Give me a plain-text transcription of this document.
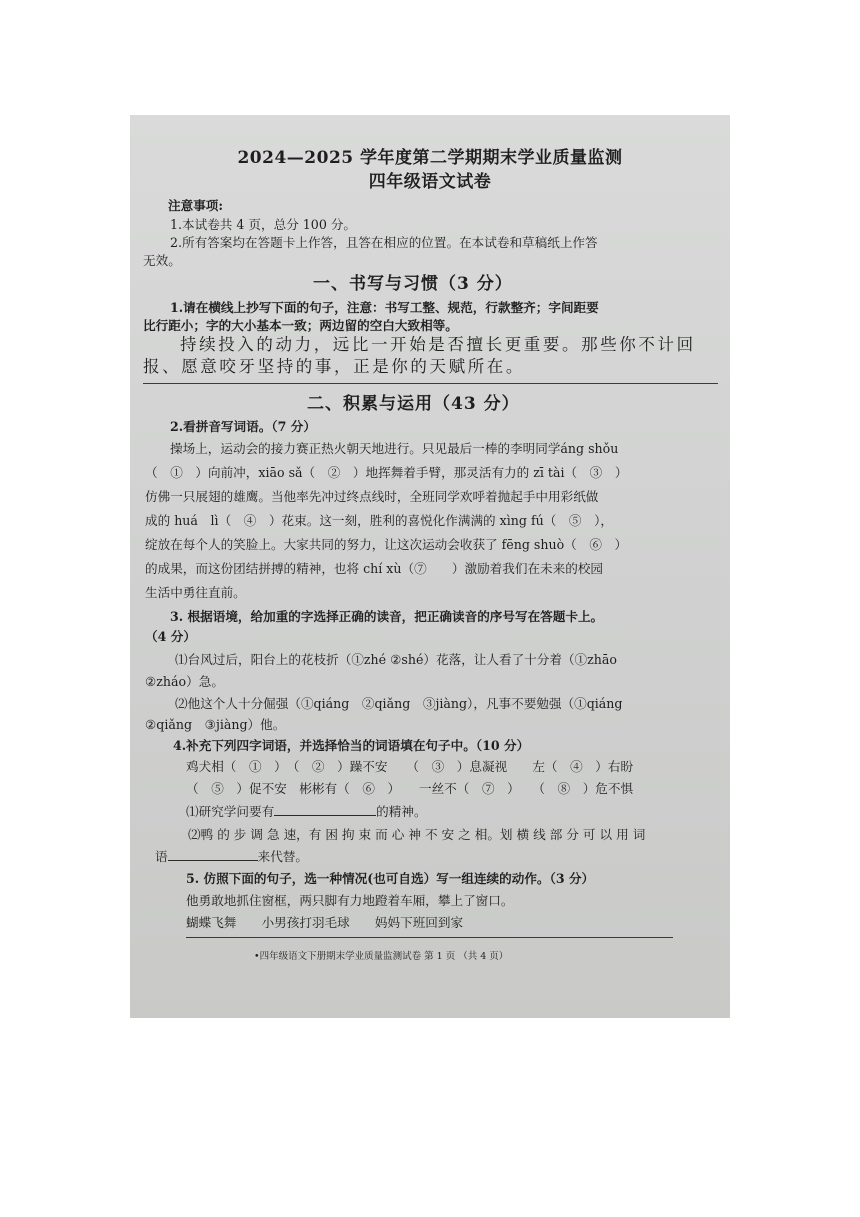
2024—2025 学年度第二学期期末学业质量监测
四年级语文试卷
注意事项:
1.本试卷共 4 页，总分 100 分。
2.所有答案均在答题卡上作答，且答在相应的位置。在本试卷和草稿纸上作答
无效。
一、书写与习惯（3 分）
1.请在横线上抄写下面的句子，注意：书写工整、规范，行款整齐；字间距要
比行距小；字的大小基本一致；两边留的空白大致相等。
持续投入的动力，远比一开始是否擅长更重要。那些你不计回
报、愿意咬牙坚持的事，正是你的天赋所在。
二、积累与运用（43 分）
2.看拼音写词语。（7 分）
操场上，运动会的接力赛正热火朝天地进行。只见最后一棒的李明同学áng shǒu
（　①　）向前冲，xiāo sǎ（　②　）地挥舞着手臂，那灵活有力的 zī tài（　③　）
仿佛一只展翅的雄鹰。当他率先冲过终点线时，全班同学欢呼着抛起手中用彩纸做
成的 huá　lì（　④　）花束。这一刻，胜利的喜悦化作满满的 xìng fú（　⑤　），
绽放在每个人的笑脸上。大家共同的努力，让这次运动会收获了 fēng shuò（　⑥　）
的成果，而这份团结拼搏的精神，也将 chí xù（⑦　　）激励着我们在未来的校园
生活中勇往直前。
3. 根据语境，给加重的字选择正确的读音，把正确读音的序号写在答题卡上。
（4 分）
⑴台风过后，阳台上的花枝折（①zhé ②shé）花落，让人看了十分着（①zhāo
②zháo）急。
⑵他这个人十分倔强（①qiáng　②qiǎng　③jiàng），凡事不要勉强（①qiáng
②qiǎng　③jiàng）他。
4.补充下列四字词语，并选择恰当的词语填在句子中。（10 分）
鸡犬相（　①　）　（　②　）躁不安　　（　③　）息凝视　　左（　④　）右盼
（　⑤　）促不安　彬彬有（　⑥　）　　一丝不（　⑦　）　　（　⑧　）危不惧
⑴研究学问要有	的精神。
⑵鸭 的 步 调 急 速，有 困 拘 束 而 心 神 不 安 之 相。划 横 线 部 分 可 以 用 词
语	来代替。
5. 仿照下面的句子，选一种情况(也可自选）写一组连续的动作。（3 分）
他勇敢地抓住窗框，两只脚有力地蹬着车厢，攀上了窗口。
蝴蝶飞舞　　小男孩打羽毛球　　妈妈下班回到家
•四年级语文下册期末学业质量监测试卷 第 1 页 （共 4 页）
